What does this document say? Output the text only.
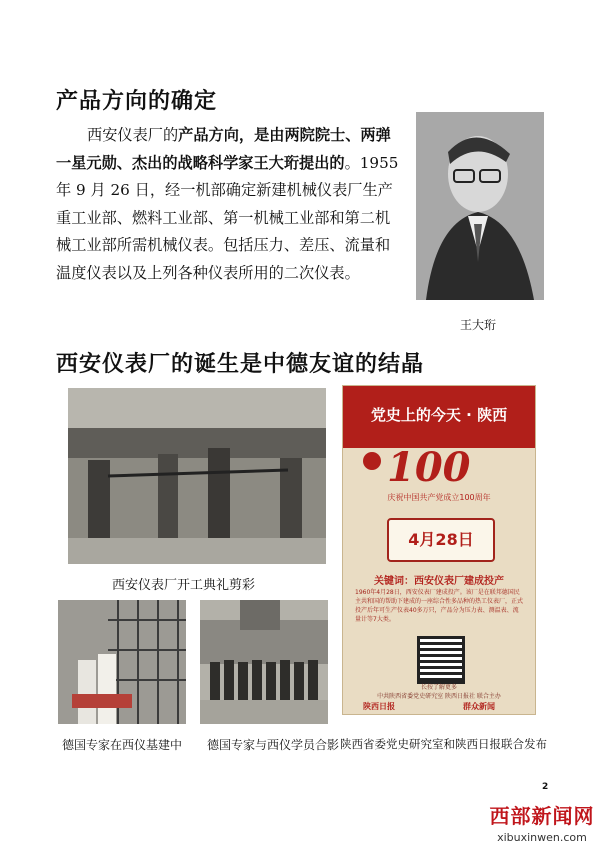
产品方向的确定
西安仪表厂的产品方向，是由两院院士、两弹
一星元勋、杰出的战略科学家王大珩提出的。1955
年 9 月 26 日，经一机部确定新建机械仪表厂生产
重工业部、燃料工业部、第一机械工业部和第二机
械工业部所需机械仪表。包括压力、差压、流量和
温度仪表以及上列各种仪表所用的二次仪表。
王大珩
西安仪表厂的诞生是中德友谊的结晶
西安仪表厂开工典礼剪彩
德国专家在西仪基建中 德国专家与西仪学员合影
党史上的今天 · 陕西
100
庆祝中国共产党成立100周年
4月28日
关键词：西安仪表厂建成投产
1960年4月28日，西安仪表厂建成投产。该厂是在联邦德国民主共和国的帮助下建成的一座综合性多品种的热工仪表厂，正式投产后年可生产仪表40多万只，产品分为压力表、测温表、流量计等7大类。
长按了解更多
中共陕西省委党史研究室 陕西日报社 联合主办
陕西日报	群众新闻
陕西省委党史研究室和陕西日报联合发布
2
西部新闻网
xibuxinwen.com
